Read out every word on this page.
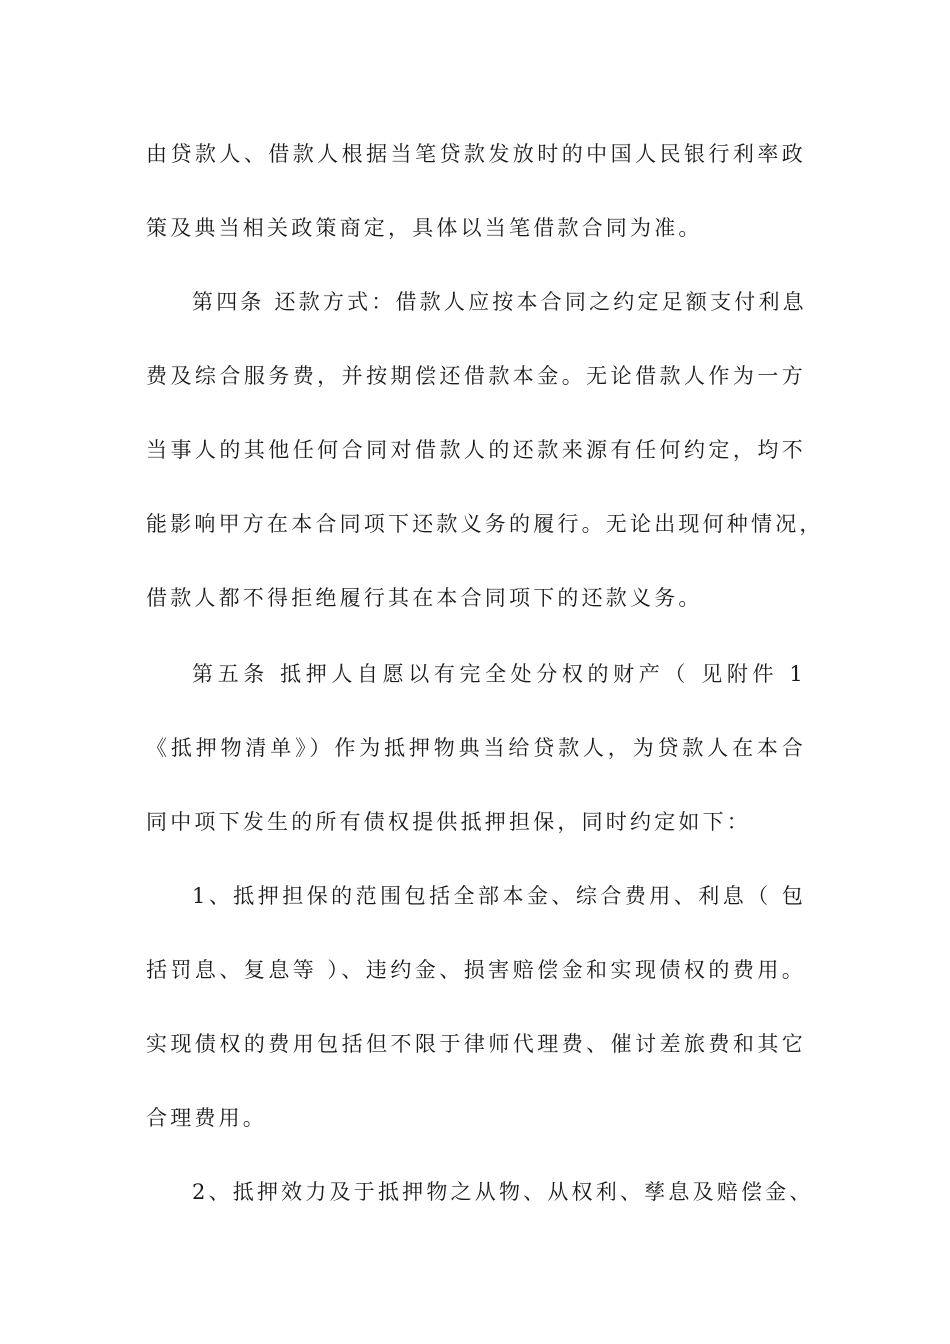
由贷款人、借款人根据当笔贷款发放时的中国人民银行利率政
策及典当相关政策商定，具体以当笔借款合同为准。
第四条 还款方式：借款人应按本合同之约定足额支付利息
费及综合服务费，并按期偿还借款本金。无论借款人作为一方
当事人的其他任何合同对借款人的还款来源有任何约定，均不
能影响甲方在本合同项下还款义务的履行。无论出现何种情况，
借款人都不得拒绝履行其在本合同项下的还款义务。
第五条 抵押人自愿以有完全处分权的财产（ 见附件 1
《抵押物清单》）作为抵押物典当给贷款人，为贷款人在本合
同中项下发生的所有债权提供抵押担保，同时约定如下：
1、抵押担保的范围包括全部本金、综合费用、利息（ 包
括罚息、复息等 ）、违约金、损害赔偿金和实现债权的费用。
实现债权的费用包括但不限于律师代理费、催讨差旅费和其它
合理费用。
2、抵押效力及于抵押物之从物、从权利、孳息及赔偿金、
